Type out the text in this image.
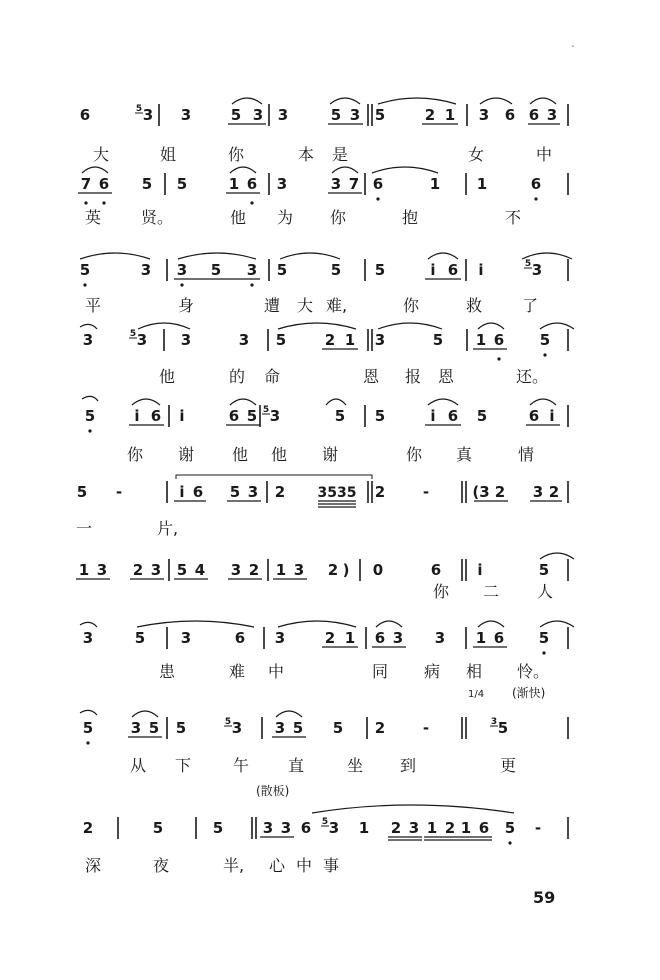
6	5 3 3	5 3 3	5 3 5	2 1 3 6 6 3
7 6 5 5	1 6 3	3 7 6	1 1	6
5	3 3 5 3 5	5 5	i 6 i	5 3
3	5 3 3	3 5	2 1 3	5 1 6 5
5	i 6 i	6 5 5 3	5 5	i 6 5	6 i
5 -	i 6 5 3 2 3535 2	-	(3 2 3 2
1 3 2 3 5 4 3 2 1 3 2 ) 0	6 i	5
3	5 3	6 3	2 1 6 3 3 1 6 5
1/4 (渐快)
5	3 5 5	5 3 3 5 5 2	-	3 5
(散板)
2	5	5	3 3 6 5 3 1 2 3 1 2 1 6 5 -
大	姐	你	本 是	女	中
英 贤。	他 为 你	抱	不
平	身	遭 大 难,	你	救 了
他	的 命	恩 报 恩	还。
你 谢 他 他 谢	你 真	情
一	片,
你 二 人
患	难 中	同 病 相 怜。
从 下	午 直	坐 到	更
深	夜	半, 心 中 事
59
